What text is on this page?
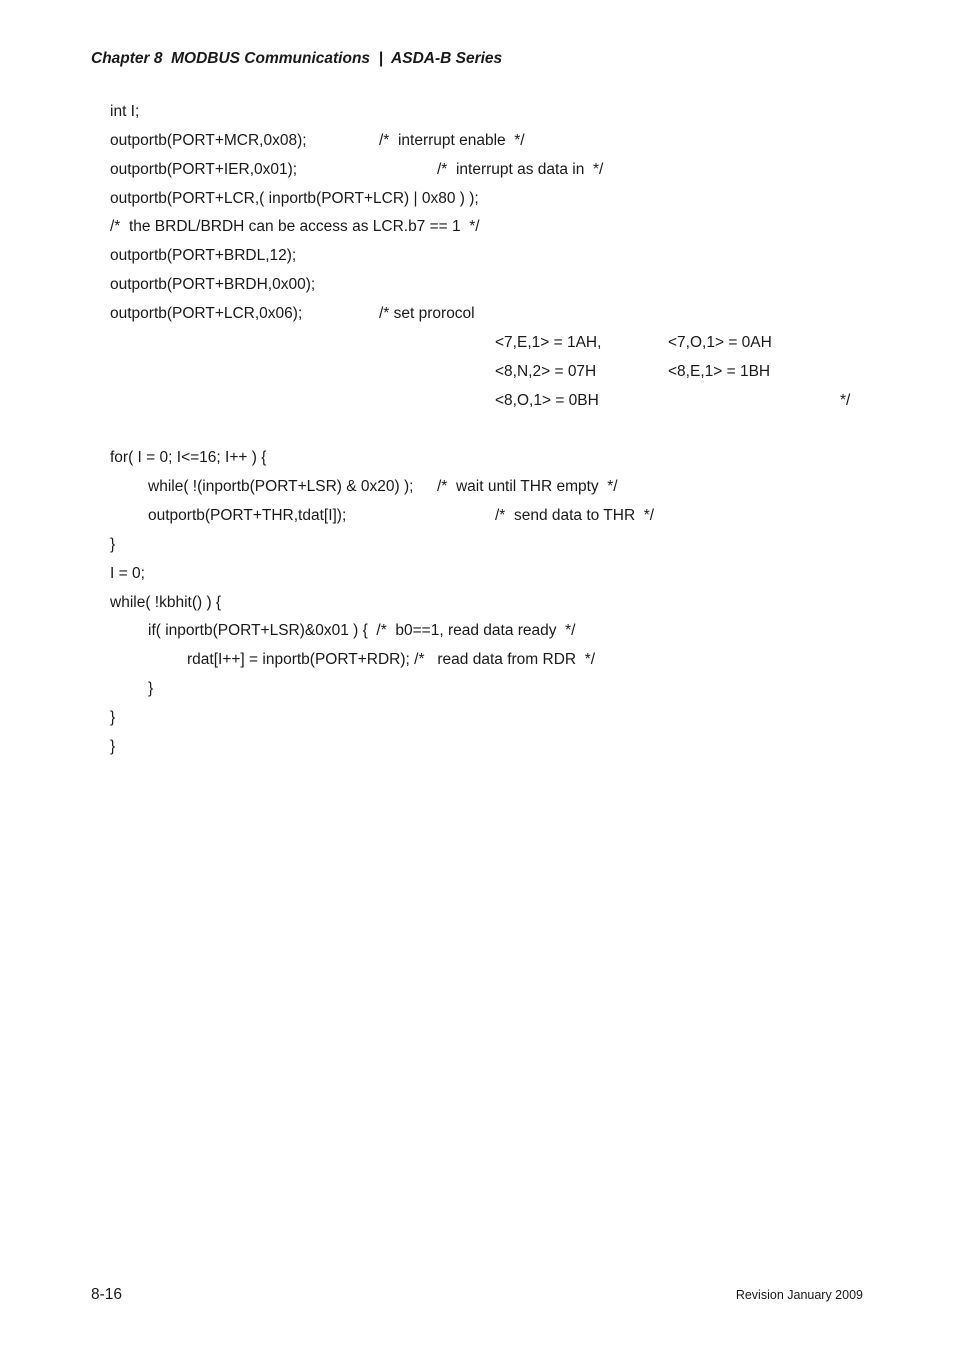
Chapter 8  MODBUS Communications | ASDA-B Series
int I;
outportb(PORT+MCR,0x08);	/*  interrupt enable  */
outportb(PORT+IER,0x01);	/*  interrupt as data in  */
outportb(PORT+LCR,( inportb(PORT+LCR) | 0x80 ) );
/*  the BRDL/BRDH can be access as LCR.b7 == 1  */
outportb(PORT+BRDL,12);
outportb(PORT+BRDH,0x00);
outportb(PORT+LCR,0x06);	/* set prorocol
<7,E,1> = 1AH,	<7,O,1> = 0AH
<8,N,2> = 07H	<8,E,1> = 1BH
<8,O,1> = 0BH	*/
for( I = 0; I<=16; I++ ) {
while( !(inportb(PORT+LSR) & 0x20) ); /*  wait until THR empty  */
outportb(PORT+THR,tdat[I]);	/*  send data to THR  */
}
I = 0;
while( !kbhit() ) {
if( inportb(PORT+LSR)&0x01 ) {  /*  b0==1, read data ready  */
rdat[I++] = inportb(PORT+RDR); /*   read data from RDR  */
}
}
}
8-16	Revision January 2009
